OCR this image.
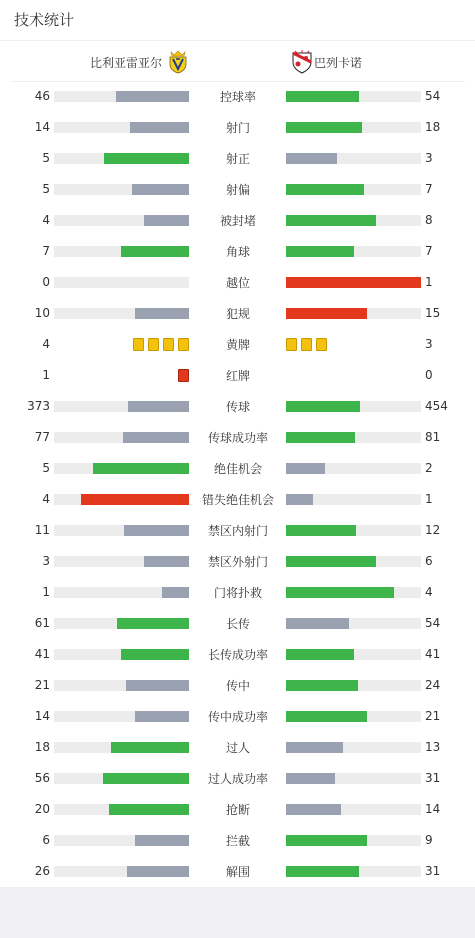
技术统计
比利亚雷亚尔	巴列卡诺
46	控球率	54
14	射门	18
5	射正	3
5	射偏	7
4	被封堵	8
7	角球	7
0	越位	1
10	犯规	15
4	黄牌	3
1	红牌	0
373	传球	454
77	传球成功率	81
5	绝佳机会	2
4	错失绝佳机会	1
11	禁区内射门	12
3	禁区外射门	6
1	门将扑救	4
61	长传	54
41	长传成功率	41
21	传中	24
14	传中成功率	21
18	过人	13
56	过人成功率	31
20	抢断	14
6	拦截	9
26	解围	31
